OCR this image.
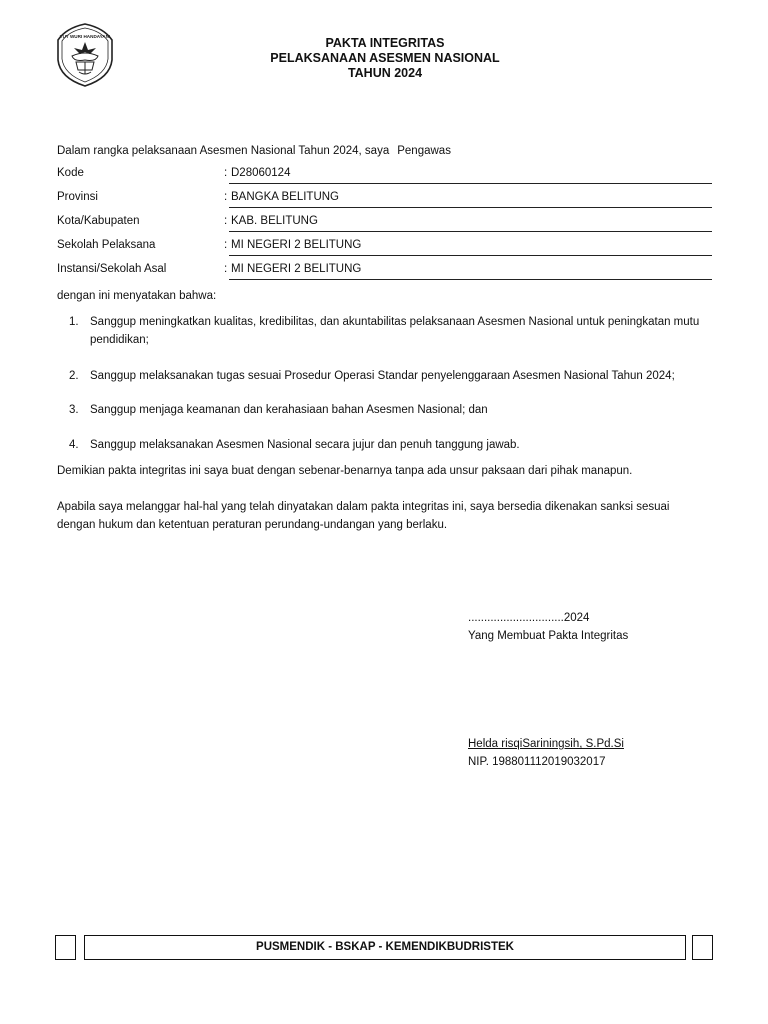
TUT WURI HANDAYANI	PAKTA INTEGRITAS
PELAKSANAAN ASESMEN NASIONAL
TAHUN 2024
Dalam rangka pelaksanaan Asesmen Nasional Tahun 2024, saya Pengawas
Kode	: D28060124
Provinsi	: BANGKA BELITUNG
Kota/Kabupaten	: KAB. BELITUNG
Sekolah Pelaksana	: MI NEGERI 2 BELITUNG
Instansi/Sekolah Asal	: MI NEGERI 2 BELITUNG
dengan ini menyatakan bahwa:
1. Sanggup meningkatkan kualitas, kredibilitas, dan akuntabilitas pelaksanaan Asesmen Nasional untuk peningkatan mutu pendidikan;
2. Sanggup melaksanakan tugas sesuai Prosedur Operasi Standar penyelenggaraan Asesmen Nasional Tahun 2024;
3. Sanggup menjaga keamanan dan kerahasiaan bahan Asesmen Nasional; dan
4. Sanggup melaksanakan Asesmen Nasional secara jujur dan penuh tanggung jawab.
Demikian pakta integritas ini saya buat dengan sebenar-benarnya tanpa ada unsur paksaan dari pihak manapun.
Apabila saya melanggar hal-hal yang telah dinyatakan dalam pakta integritas ini, saya bersedia dikenakan sanksi sesuai dengan hukum dan ketentuan peraturan perundang-undangan yang berlaku.
..............................2024
Yang Membuat Pakta Integritas
Helda risqiSariningsih, S.Pd.Si
NIP. 198801112019032017
PUSMENDIK - BSKAP - KEMENDIKBUDRISTEK
